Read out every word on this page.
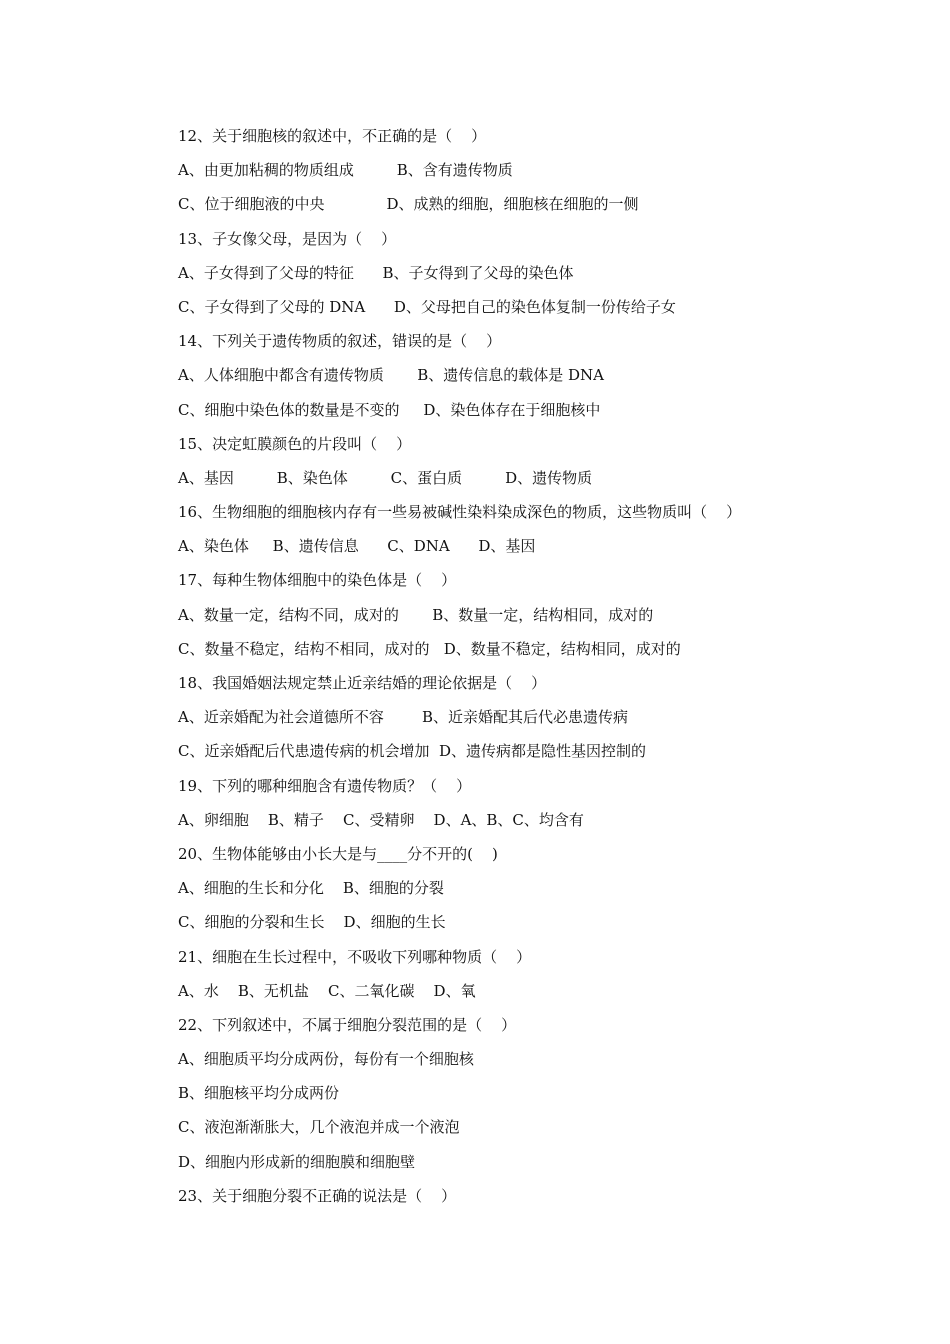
12、关于细胞核的叙述中，不正确的是（    ）
A、由更加粘稠的物质组成         B、含有遗传物质
C、位于细胞液的中央             D、成熟的细胞，细胞核在细胞的一侧
13、子女像父母，是因为（    ）
A、子女得到了父母的特征      B、子女得到了父母的染色体
C、子女得到了父母的 DNA      D、父母把自己的染色体复制一份传给子女
14、下列关于遗传物质的叙述，错误的是（    ）
A、人体细胞中都含有遗传物质       B、遗传信息的载体是 DNA
C、细胞中染色体的数量是不变的     D、染色体存在于细胞核中
15、决定虹膜颜色的片段叫（    ）
A、基因         B、染色体         C、蛋白质         D、遗传物质
16、生物细胞的细胞核内存有一些易被碱性染料染成深色的物质，这些物质叫（    ）
A、染色体     B、遗传信息      C、DNA      D、基因
17、每种生物体细胞中的染色体是（    ）
A、数量一定，结构不同，成对的       B、数量一定，结构相同，成对的
C、数量不稳定，结构不相同，成对的   D、数量不稳定，结构相同，成对的
18、我国婚姻法规定禁止近亲结婚的理论依据是（    ）
A、近亲婚配为社会道德所不容        B、近亲婚配其后代必患遗传病
C、近亲婚配后代患遗传病的机会增加  D、遗传病都是隐性基因控制的
19、下列的哪种细胞含有遗传物质？（    ）
A、卵细胞    B、精子    C、受精卵    D、A、B、C、均含有
20、生物体能够由小长大是与____分不开的(    )
A、细胞的生长和分化    B、细胞的分裂
C、细胞的分裂和生长    D、细胞的生长
21、细胞在生长过程中，不吸收下列哪种物质（    ）
A、水    B、无机盐    C、二氧化碳    D、氧
22、下列叙述中，不属于细胞分裂范围的是（    ）
A、细胞质平均分成两份，每份有一个细胞核
B、细胞核平均分成两份
C、液泡渐渐胀大，几个液泡并成一个液泡
D、细胞内形成新的细胞膜和细胞壁
23、关于细胞分裂不正确的说法是（    ）
